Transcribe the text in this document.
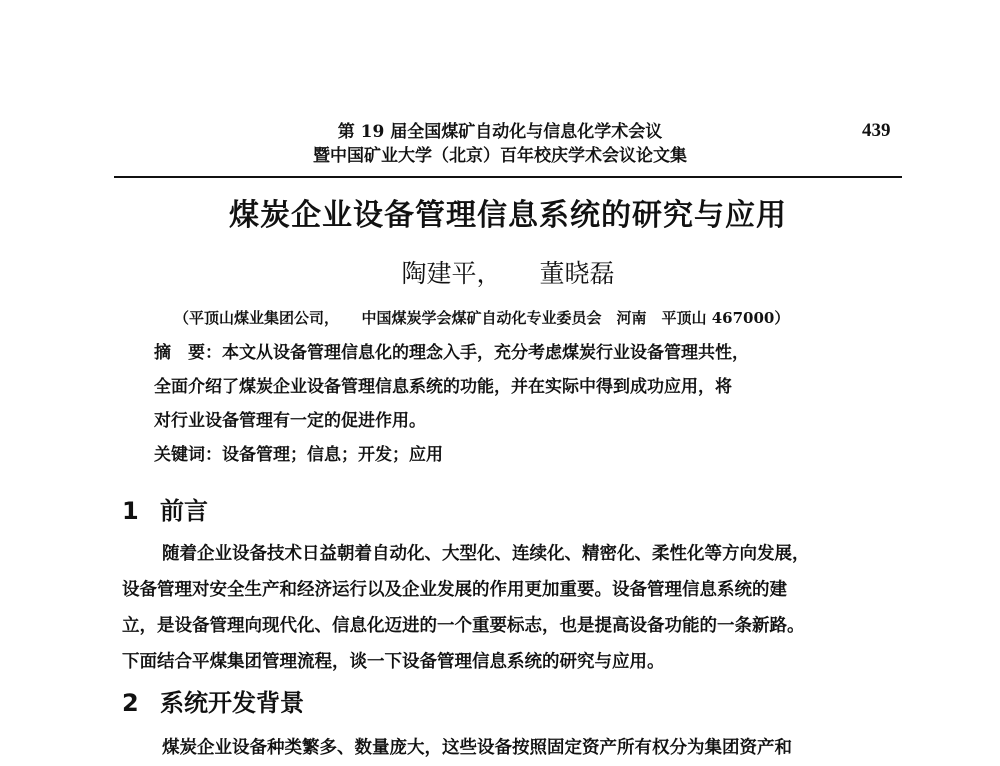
第 19 届全国煤矿自动化与信息化学术会议
暨中国矿业大学（北京）百年校庆学术会议论文集
439
煤炭企业设备管理信息系统的研究与应用
陶建平， 董晓磊
（平顶山煤业集团公司，　　中国煤炭学会煤矿自动化专业委员会　河南　平顶山 467000）
摘　要：本文从设备管理信息化的理念入手，充分考虑煤炭行业设备管理共性，
全面介绍了煤炭企业设备管理信息系统的功能，并在实际中得到成功应用，将
对行业设备管理有一定的促进作用。
关键词：设备管理；信息；开发；应用
1 前言
随着企业设备技术日益朝着自动化、大型化、连续化、精密化、柔性化等方向发展，
设备管理对安全生产和经济运行以及企业发展的作用更加重要。设备管理信息系统的建
立，是设备管理向现代化、信息化迈进的一个重要标志，也是提高设备功能的一条新路。
下面结合平煤集团管理流程，谈一下设备管理信息系统的研究与应用。
2 系统开发背景
煤炭企业设备种类繁多、数量庞大，这些设备按照固定资产所有权分为集团资产和
